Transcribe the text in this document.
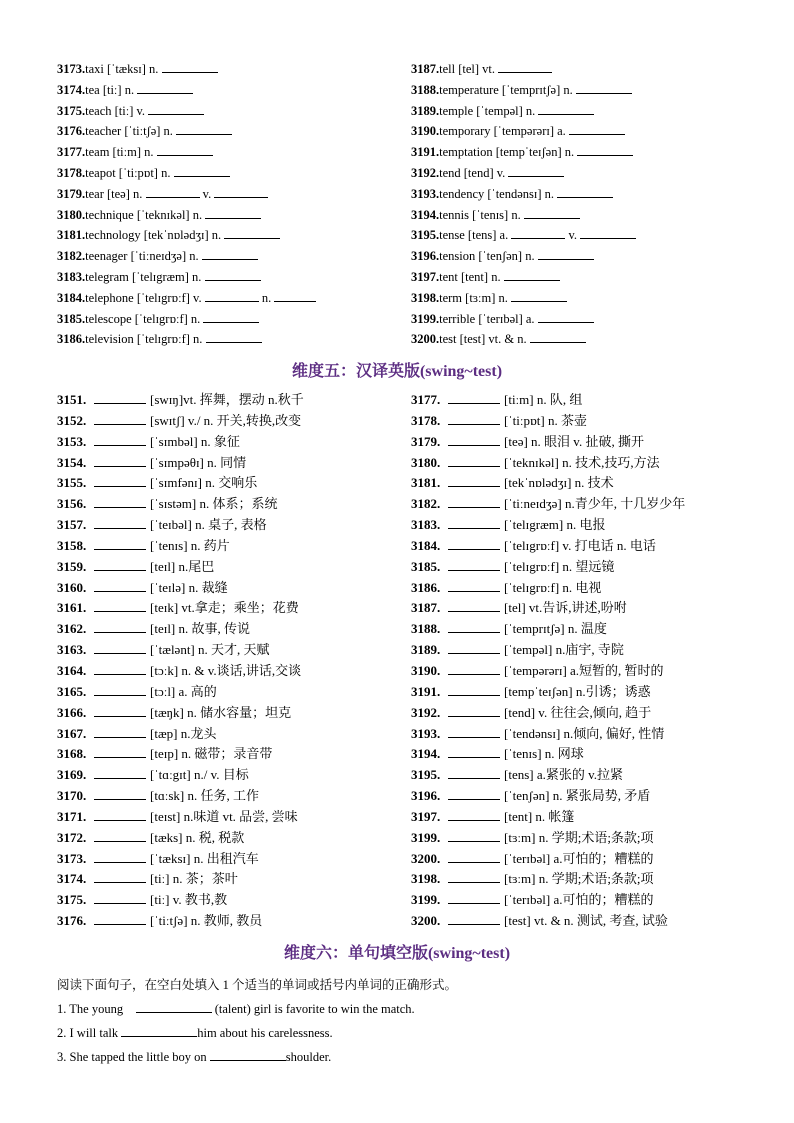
3173.taxi [ˈtæksɪ] n.
3174.tea [tiː] n.
3175.teach [tiː] v.
3176.teacher [ˈtiːtʃə] n.
3177.team [tiːm] n.
3178.teapot [ˈtiːpɒt] n.
3179.tear [teə] n.	v.
3180.technique [ˈteknɪkəl] n.
3181.technology [tekˈnɒlədʒɪ] n.
3182.teenager [ˈtiːneɪdʒə] n.
3183.telegram [ˈtelɪgræm] n.
3184.telephone [ˈtelɪgrɒːf] v.	n.
3185.telescope [ˈtelɪgrɒːf] n.
3186.television [ˈtelɪgrɒːf] n.
3187.tell [tel] vt.
3188.temperature [ˈtemprɪtʃə] n.
3189.temple [ˈtempəl] n.
3190.temporary [ˈtempərərɪ] a.
3191.temptation [tempˈteɪʃən] n.
3192.tend [tend] v.
3193.tendency [ˈtendənsɪ] n.
3194.tennis [ˈtenɪs] n.
3195.tense [tens] a.	v.
3196.tension [ˈtenʃən] n.
3197.tent [tent] n.
3198.term [tɜːm] n.
3199.terrible [ˈterɪbəl] a.
3200.test [test] vt. & n.
维度五：汉译英版(swing~test)
3151.	[swɪŋ]vt. 挥舞，摆动 n.秋千
3152.	[swɪtʃ] v./ n. 开关,转换,改变
3153.	[ˈsɪmbəl] n. 象征
3154.	[ˈsɪmpəθɪ] n. 同情
3155.	[ˈsɪmfənɪ] n. 交响乐
3156.	[ˈsɪstəm] n. 体系；系统
3157.	[ˈteɪbəl] n. 桌子, 表格
3158.	[ˈtenɪs] n. 药片
3159.	[teɪl] n.尾巴
3160.	[ˈteɪlə] n. 裁缝
3161.	[teɪk] vt.拿走；乘坐；花费
3162.	[teɪl] n. 故事, 传说
3163.	[ˈtælənt] n. 天才, 天赋
3164.	[tɔːk] n. & v.谈话,讲话,交谈
3165.	[tɔːl] a. 高的
3166.	[tæŋk] n. 储水容量；坦克
3167.	[tæp] n.龙头
3168.	[teɪp] n. 磁带；录音带
3169.	[ˈtɑːgɪt] n./ v. 目标
3170.	[tɑːsk] n. 任务, 工作
3171.	[teɪst] n.味道 vt. 品尝, 尝味
3172.	[tæks] n. 税, 税款
3173.	[ˈtæksɪ] n. 出租汽车
3174.	[tiː] n. 茶；茶叶
3175.	[tiː] v. 教书,教
3176.	[ˈtiːtʃə] n. 教师, 教员
3177.	[tiːm] n. 队, 组
3178.	[ˈtiːpɒt] n. 茶壶
3179.	[teə] n. 眼泪 v. 扯破, 撕开
3180.	[ˈteknɪkəl] n. 技术,技巧,方法
3181.	[tekˈnɒlədʒɪ] n. 技术
3182.	[ˈtiːneɪdʒə] n.青少年, 十几岁少年
3183.	[ˈtelɪgræm] n. 电报
3184.	[ˈtelɪgrɒːf] v. 打电话 n. 电话
3185.	[ˈtelɪgrɒːf] n. 望远镜
3186.	[ˈtelɪgrɒːf] n. 电视
3187.	[tel] vt.告诉,讲述,吩咐
3188.	[ˈtemprɪtʃə] n. 温度
3189.	[ˈtempəl] n.庙宇, 寺院
3190.	[ˈtempərərɪ] a.短暂的, 暂时的
3191.	[tempˈteɪʃən] n.引诱；诱惑
3192.	[tend] v. 往往会,倾向, 趋于
3193.	[ˈtendənsɪ] n.倾向, 偏好, 性情
3194.	[ˈtenɪs] n. 网球
3195.	[tens] a.紧张的 v.拉紧
3196.	[ˈtenʃən] n. 紧张局势, 矛盾
3197.	[tent] n. 帐篷
3199.	[tɜːm] n. 学期;术语;条款;项
3200.	[ˈterɪbəl] a.可怕的；糟糕的
3198.	[tɜːm] n. 学期;术语;条款;项
3199.	[ˈterɪbəl] a.可怕的；糟糕的
3200.	[test] vt. & n. 测试, 考查, 试验
维度六：单句填空版(swing~test)
阅读下面句子，在空白处填入 1 个适当的单词或括号内单词的正确形式。
1. The young	(talent) girl is favorite to win the match.
2. I will talk	him about his carelessness.
3. She tapped the little boy on	shoulder.
